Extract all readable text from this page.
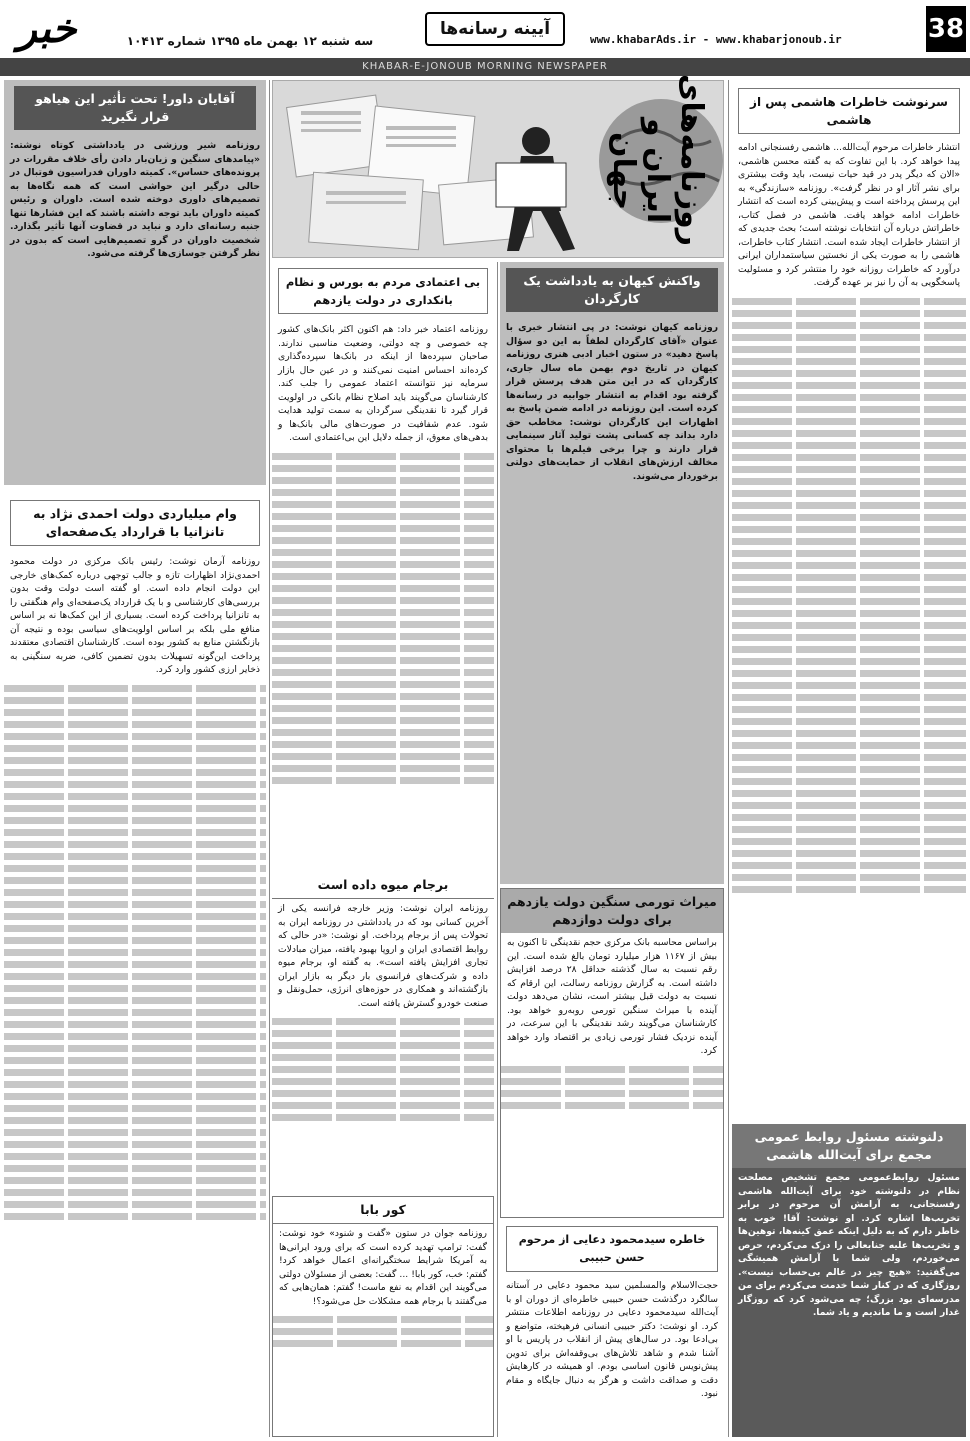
خبر	سه شنبه ۱۲ بهمن ماه ۱۳۹۵ شماره ۱۰۴۱۳
آیینه رسانه‌ها
www.khabarAds.ir - www.khabarjonoub.ir	38
KHABAR-E-JONOUB MORNING NEWSPAPER
روزنامه‌های ایران و جهان
سرنوشت خاطرات هاشمی پس از هاشمی
انتشار خاطرات مرحوم آیت‌الله... هاشمی رفسنجانی ادامه پیدا خواهد کرد. با این تفاوت که به گفته محسن هاشمی، «الان که دیگر پدر در قید حیات نیست، باید وقت بیشتری برای نشر آثار او در نظر گرفت». روزنامه «سازندگی» به این پرسش پرداخته است و پیش‌بینی کرده است که انتشار خاطرات ادامه خواهد یافت. هاشمی در فصل کتاب، خاطراتش درباره آن انتخابات نوشته است؛ بحث جدیدی که از انتشار خاطرات ایجاد شده است. انتشار کتاب خاطرات، هاشمی را به صورت یکی از نخستین سیاستمداران ایرانی درآورد که خاطرات روزانه خود را منتشر کرد و مسئولیت پاسخگویی به آن را نیز بر عهده گرفت.
دلنوشته مسئول روابط عمومی مجمع برای آیت‌الله هاشمی
مسئول روابط‌عمومی مجمع تشخیص مصلحت نظام در دلنوشته خود برای آیت‌الله هاشمی رفسنجانی، به آرامش آن مرحوم در برابر تخریب‌ها اشاره کرد. او نوشت: آقا! خوب به خاطر دارم که به دلیل اینکه عمق کینه‌ها، توهین‌ها و تخریب‌ها علیه جنابعالی را درک می‌کردم، حرص می‌خوردم، ولی شما با آرامش همیشگی می‌گفتید: «هیچ چیز در عالم بی‌حساب نیست». روزگاری که در کنار شما خدمت می‌کردم برای من مدرسه‌ای بود بزرگ؛ چه می‌شود کرد که روزگار غدار است و ما ماندیم و یاد شما.
آقایان داور! تحت تأثیر این هیاهو قرار نگیرید
روزنامه شیر ورزشی در یادداشتی کوتاه نوشته: «پیامدهای سنگین و زیان‌بار دادن رأی خلاف مقررات در پرونده‌های حساس». کمیته داوران فدراسیون فوتبال در حالی درگیر این حواشی است که همه نگاه‌ها به تصمیم‌های داوری دوخته شده است. داوران و رئیس کمیته داوران باید توجه داشته باشند که این فشارها تنها جنبه رسانه‌ای دارد و نباید در قضاوت آنها تأثیر بگذارد. شخصیت داوران در گرو تصمیم‌هایی است که بدون در نظر گرفتن جوسازی‌ها گرفته می‌شود.
وام میلیاردی دولت احمدی نژاد به تانزانیا با قرارداد یک‌صفحه‌ای
روزنامه آرمان نوشت: رئیس بانک مرکزی در دولت محمود احمدی‌نژاد اظهارات تازه و جالب توجهی درباره کمک‌های خارجی این دولت انجام داده است. او گفته است دولت وقت بدون بررسی‌های کارشناسی و با یک قرارداد یک‌صفحه‌ای وام هنگفتی را به تانزانیا پرداخت کرده است. بسیاری از این کمک‌ها نه بر اساس منافع ملی بلکه بر اساس اولویت‌های سیاسی بوده و نتیجه آن بازنگشتن منابع به کشور بوده است. کارشناسان اقتصادی معتقدند پرداخت این‌گونه تسهیلات بدون تضمین کافی، ضربه سنگینی به ذخایر ارزی کشور وارد کرد.
بی اعتمادی مردم به بورس و نظام بانکداری در دولت یازدهم
روزنامه اعتماد خبر داد: هم اکنون اکثر بانک‌های کشور چه خصوصی و چه دولتی، وضعیت مناسبی ندارند. صاحبان سپرده‌ها از اینکه در بانک‌ها سپرده‌گذاری کرده‌اند احساس امنیت نمی‌کنند و در عین حال بازار سرمایه نیز نتوانسته اعتماد عمومی را جلب کند. کارشناسان می‌گویند باید اصلاح نظام بانکی در اولویت قرار گیرد تا نقدینگی سرگردان به سمت تولید هدایت شود. عدم شفافیت در صورت‌های مالی بانک‌ها و بدهی‌های معوق، از جمله دلایل این بی‌اعتمادی است.
برجام میوه داده است
روزنامه ایران نوشت: وزیر خارجه فرانسه یکی از آخرین کسانی بود که در یادداشتی در روزنامه ایران به تحولات پس از برجام پرداخت. او نوشت: «در حالی که روابط اقتصادی ایران و اروپا بهبود یافته، میزان مبادلات تجاری افزایش یافته است». به گفته او، برجام میوه داده و شرکت‌های فرانسوی بار دیگر به بازار ایران بازگشته‌اند و همکاری در حوزه‌های انرژی، حمل‌ونقل و صنعت خودرو گسترش یافته است.
کور بابا
روزنامه جوان در ستون «گفت و شنود» خود نوشت: گفت: ترامپ تهدید کرده است که برای ورود ایرانی‌ها به آمریکا شرایط سختگیرانه‌ای اعمال خواهد کرد! گفتم: خب، کور بابا! ... گفت: بعضی از مسئولان دولتی می‌گویند این اقدام به نفع ماست! گفتم: همان‌هایی که می‌گفتند با برجام همه مشکلات حل می‌شود؟!
واکنش کیهان به یادداشت یک کارگردان
روزنامه کیهان نوشت: در پی انتشار خبری با عنوان «آقای کارگردان لطفاً به این دو سؤال پاسخ دهید» در ستون اخبار ادبی هنری روزنامه کیهان در تاریخ دوم بهمن ماه سال جاری، کارگردان که در این متن هدف پرسش قرار گرفته بود اقدام به انتشار جوابیه در رسانه‌ها کرده است. این روزنامه در ادامه ضمن پاسخ به اظهارات این کارگردان نوشت: مخاطب حق دارد بداند چه کسانی پشت تولید آثار سینمایی قرار دارند و چرا برخی فیلم‌ها با محتوای مخالف ارزش‌های انقلاب از حمایت‌های دولتی برخوردار می‌شوند.
میراث تورمی سنگین دولت یازدهم برای دولت دوازدهم
براساس محاسبه بانک مرکزی حجم نقدینگی تا اکنون به بیش از ۱۱۶۷ هزار میلیارد تومان بالغ شده است. این رقم نسبت به سال گذشته حداقل ۲۸ درصد افزایش داشته است. به گزارش روزنامه رسالت، این ارقام که نسبت به دولت قبل بیشتر است، نشان می‌دهد دولت آینده با میراث سنگین تورمی روبه‌رو خواهد بود. کارشناسان می‌گویند رشد نقدینگی با این سرعت، در آینده نزدیک فشار تورمی زیادی بر اقتصاد وارد خواهد کرد.
خاطره سیدمحمود دعایی از مرحوم حسن حبیبی
حجت‌الاسلام والمسلمین سید محمود دعایی در آستانه سالگرد درگذشت حسن حبیبی خاطره‌ای از دوران او با آیت‌الله سیدمحمود دعایی در روزنامه اطلاعات منتشر کرد. او نوشت: دکتر حبیبی انسانی فرهیخته، متواضع و بی‌ادعا بود. در سال‌های پیش از انقلاب در پاریس با او آشنا شدم و شاهد تلاش‌های بی‌وقفه‌اش برای تدوین پیش‌نویس قانون اساسی بودم. او همیشه در کارهایش دقت و صداقت داشت و هرگز به دنبال جایگاه و مقام نبود.
